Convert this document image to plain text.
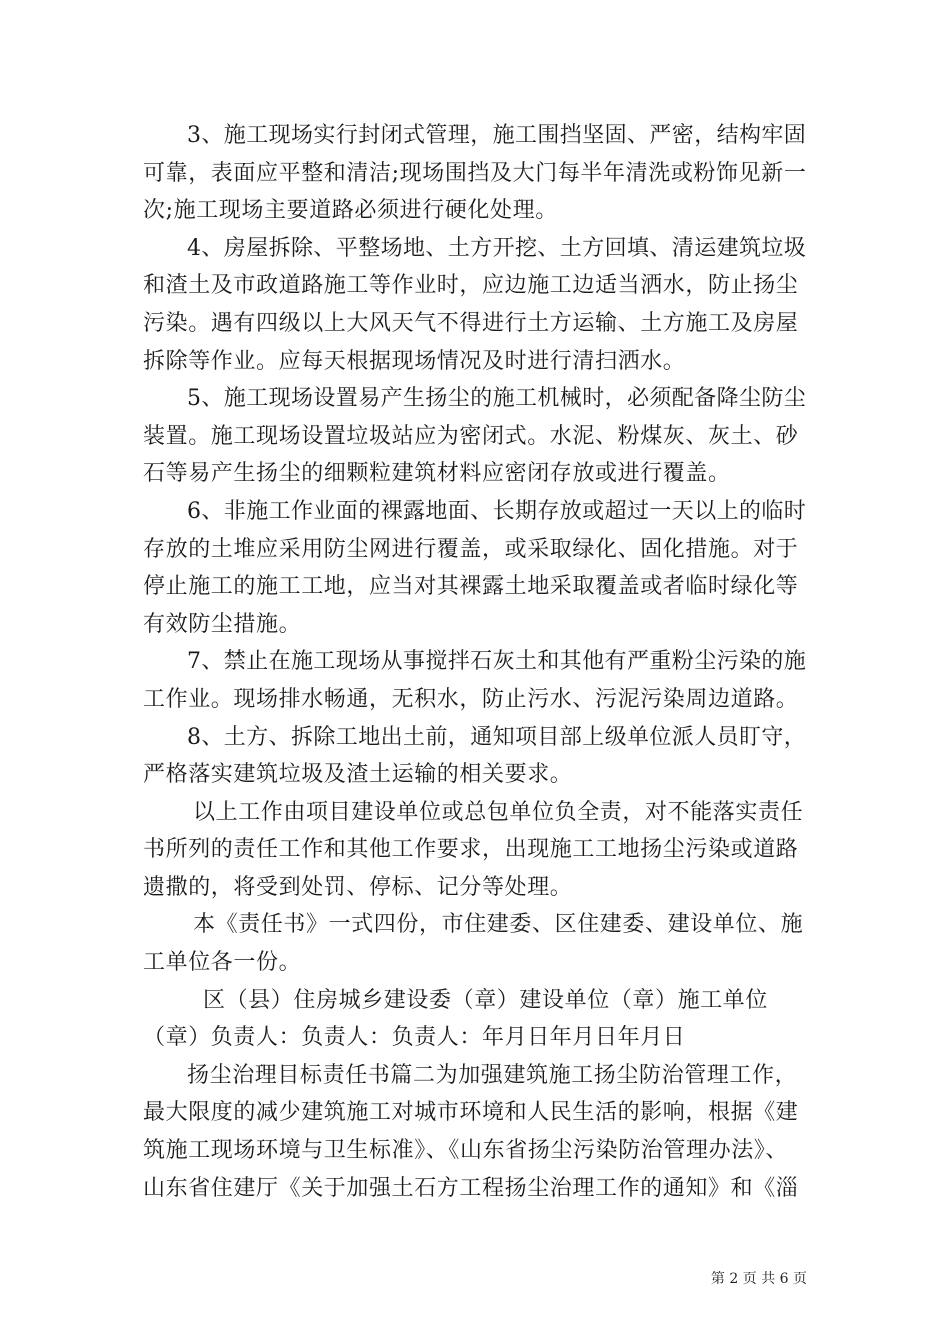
3、施工现场实行封闭式管理，施工围挡坚固、严密，结构牢固
可靠，表面应平整和清洁;现场围挡及大门每半年清洗或粉饰见新一
次;施工现场主要道路必须进行硬化处理。
4、房屋拆除、平整场地、土方开挖、土方回填、清运建筑垃圾
和渣土及市政道路施工等作业时，应边施工边适当洒水，防止扬尘
污染。遇有四级以上大风天气不得进行土方运输、土方施工及房屋
拆除等作业。应每天根据现场情况及时进行清扫洒水。
5、施工现场设置易产生扬尘的施工机械时，必须配备降尘防尘
装置。施工现场设置垃圾站应为密闭式。水泥、粉煤灰、灰土、砂
石等易产生扬尘的细颗粒建筑材料应密闭存放或进行覆盖。
6、非施工作业面的裸露地面、长期存放或超过一天以上的临时
存放的土堆应采用防尘网进行覆盖，或采取绿化、固化措施。对于
停止施工的施工工地，应当对其裸露土地采取覆盖或者临时绿化等
有效防尘措施。
7、禁止在施工现场从事搅拌石灰土和其他有严重粉尘污染的施
工作业。现场排水畅通，无积水，防止污水、污泥污染周边道路。
8、土方、拆除工地出土前，通知项目部上级单位派人员盯守，
严格落实建筑垃圾及渣土运输的相关要求。
以上工作由项目建设单位或总包单位负全责，对不能落实责任
书所列的责任工作和其他工作要求，出现施工工地扬尘污染或道路
遗撒的，将受到处罚、停标、记分等处理。
本《责任书》一式四份，市住建委、区住建委、建设单位、施
工单位各一份。
区（县）住房城乡建设委（章）建设单位（章）施工单位
（章）负责人：负责人：负责人：年月日年月日年月日
扬尘治理目标责任书篇二为加强建筑施工扬尘防治管理工作，
最大限度的减少建筑施工对城市环境和人民生活的影响，根据《建
筑施工现场环境与卫生标准》、《山东省扬尘污染防治管理办法》、
山东省住建厅《关于加强土石方工程扬尘治理工作的通知》和《淄
第 2 页 共 6 页
